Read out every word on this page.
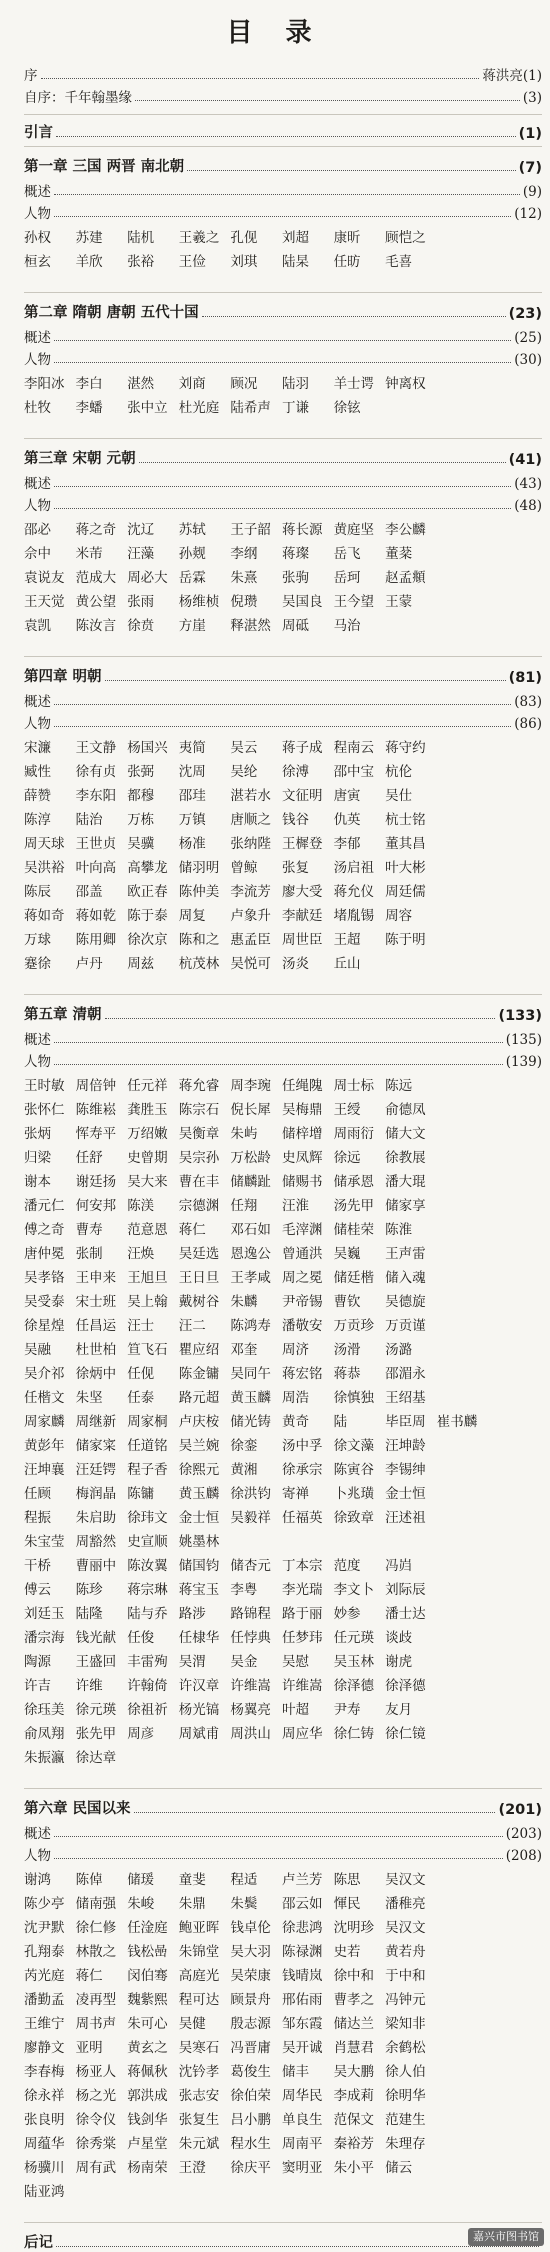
目 录
序	蒋洪亮 (1)
自序：千年翰墨缘	(3)
引言	(1)
第一章 三国 两晋 南北朝	(7)
概述	(9)
人物	(12)
孙权	苏建	陆机	王羲之 孔伣	刘超	康昕	顾恺之
桓玄	羊欣	张裕	王俭	刘琪	陆杲	任昉	毛喜
第二章 隋朝 唐朝 五代十国	(23)
概述	(25)
人物	(30)
李阳冰 李白	湛然	刘商	顾况	陆羽	羊士谔 钟离权
杜牧	李蟠	张中立 杜光庭 陆希声 丁谦	徐铉
第三章 宋朝 元朝	(41)
概述	(43)
人物	(48)
邵必	蒋之奇 沈辽	苏轼	王子韶 蒋长源 黄庭坚 李公麟
佘中	米芾	汪藻	孙觌	李纲	蒋璨	岳飞	董棻
袁说友 范成大 周必大 岳霖	朱熹	张驹	岳珂	赵孟頫
王天觉 黄公望 张雨	杨维桢 倪瓒	吴国良 王今望 王蒙
袁凯	陈汝言 徐贲	方崖	释湛然 周砥	马治
第四章 明朝	(81)
概述	(83)
人物	(86)
宋濂	王文静 杨国兴 夷简	吴云	蒋子成 程南云 蒋守约
臧性	徐有贞 张弼	沈周	吴纶	徐溥	邵中宝 杭伦
薛赞	李东阳 都穆	邵珪	湛若水 文征明 唐寅	吴仕
陈淳	陆治	万栋	万镇	唐顺之 钱谷	仇英	杭士铭
周天球 王世贞 吴骥	杨准	张纳陛 王樨登 李郁	董其昌
吴洪裕 叶向高 高攀龙 储羽明 曾鲸	张复	汤启祖 叶大彬
陈辰	邵盖	欧正春 陈仲美 李流芳 廖大受 蒋允仪 周廷儒
蒋如奇 蒋如乾 陈于泰 周复	卢象升 李献廷 堵胤锡 周容
万球	陈用卿 徐次京 陈和之 惠孟臣 周世臣 王超	陈于明
蹇徐	卢丹	周兹	杭茂林 吴悦可 汤炎	丘山
第五章 清朝	(133)
概述	(135)
人物	(139)
王时敏 周倍钟 任元祥 蒋允睿 周李琬 任绳隗 周士标 陈远
张怀仁 陈维崧 龚胜玉 陈宗石 倪长犀 吴梅鼎 王绶	俞德凤
张炳	恽寿平 万绍嫩 吴衡章 朱屿	储梓增 周雨衍 储大文
归梁	任舒	史曾期 吴宗孙 万松龄 史凤辉 徐远	徐教展
谢本	谢廷扬 吴大来 曹在丰 储麟趾 储赐书 储承恩 潘大琨
潘元仁 何安邦 陈渼	宗德渊 任翔	汪淮	汤先甲 储家享
傅之奇 曹寿	范意恩 蒋仁	邓石如 毛滓渊 储桂荣 陈淮
唐仲冕 张制	汪焕	吴廷选 恩逸公 曾通洪 吴巍	王声雷
吴孝铬 王申来 王旭旦 王日旦 王孝咸 周之冕 储廷楷 储入魂
吴受泰 宋士班 吴上翰 戴树谷 朱麟	尹帝锡 曹钦	吴德旋
徐星煌 任昌运 汪士	汪二	陈鸿寿 潘敬安 万贡珍 万贡谨
吴融	杜世柏 笪飞石 瞿应绍 邓奎	周济	汤滑	汤潞
吴介祁 徐炳中 任伣	陈金镛 吴同午 蒋宏铭 蒋恭	邵湄永
任楷文 朱坚	任泰	路元超 黄玉麟 周浩	徐慎独 王绍基
周家麟 周继新 周家桐 卢庆桉 储光铸 黄奇	陆	毕臣周 崔书麟
黄彭年 储家寀 任道铭 吴兰婉 徐銮	汤中孚 徐文藻 汪坤龄
汪坤襄 汪廷锷 程子香 徐熙元 黄湘	徐承宗 陈寅谷 李锡绅
任顾	梅润晶 陈镛	黄玉麟 徐洪钧 寄禅	卜兆璜 金士恒
程振	朱启助 徐玮文 金士恒 吴毅祥 任福英 徐致章 汪述祖
朱宝莹 周豁然 史宣顺 姚墨林
干桥	曹丽中 陈汝翼 储国钧 储杏元 丁本宗 范度	冯岿
傅云	陈珍	蒋宗琳 蒋宝玉 李粤	李光瑞 李文卜 刘际辰
刘廷玉 陆隆	陆与乔 路涉	路锦程 路于丽 妙参	潘士达
潘宗海 钱光献 任俊	任棣华 任悖典 任梦玮 任元瑛 谈歧
陶源	王盛回 丰雷殉 吴渭	吴金	吴慰	吴玉林 谢虎
许吉	许维	许翰倚 许汉章 许维嵩 许维嵩 徐泽德 徐泽德
徐珏美 徐元瑛 徐祖祈 杨光镐 杨翼亮 叶超	尹寿	友月
俞凤翔 张先甲 周彦	周斌甫 周洪山 周应华 徐仁铸 徐仁镜
朱振瀛 徐达章
第六章 民国以来	(201)
概述	(203)
人物	(208)
谢鸿	陈倬	储瑗	童斐	程适	卢兰芳 陈思	吴汉文
陈少亭 储南强 朱峻	朱鼎	朱鬓	邵云如 惲民	潘稚亮
沈尹默 徐仁修 任淦庭 鲍亚晖 钱卓伦 徐悲鸿 沈明珍 吴汉文
孔翔泰 林散之 钱松喦 朱锦堂 吴大羽 陈禄渊 史若	黄若舟
芮光庭 蒋仁	闵伯骞 高庭光 吴荣康 钱晴岚 徐中和 于中和
潘勤孟 凌再型 魏紫熙 程可达 顾景舟 邢佑雨 曹孝之 冯钟元
王维宁 周书声 朱可心 吴健	殷志源 邹东霞 储达兰 梁知非
廖静文 亚明	黄玄之 吴寒石 冯晋庸 吴开诚 肖慧君 余鹤松
李春梅 杨亚人 蒋佩秋 沈钤孝 葛俊生 储丰	吴大鹏 徐人伯
徐永祥 杨之光 郭洪成 张志安 徐伯荣 周华民 李成莉 徐明华
张良明 徐令仪 钱剑华 张复生 吕小鹏 单良生 范保文 范建生
周蕴华 徐秀棠 卢星堂 朱元斌 程水生 周南平 秦裕芳 朱理存
杨骥川 周有武 杨南荣 王澄	徐庆平 窦明亚 朱小平 储云
陆亚鸿
后记	嘉兴市图书馆
